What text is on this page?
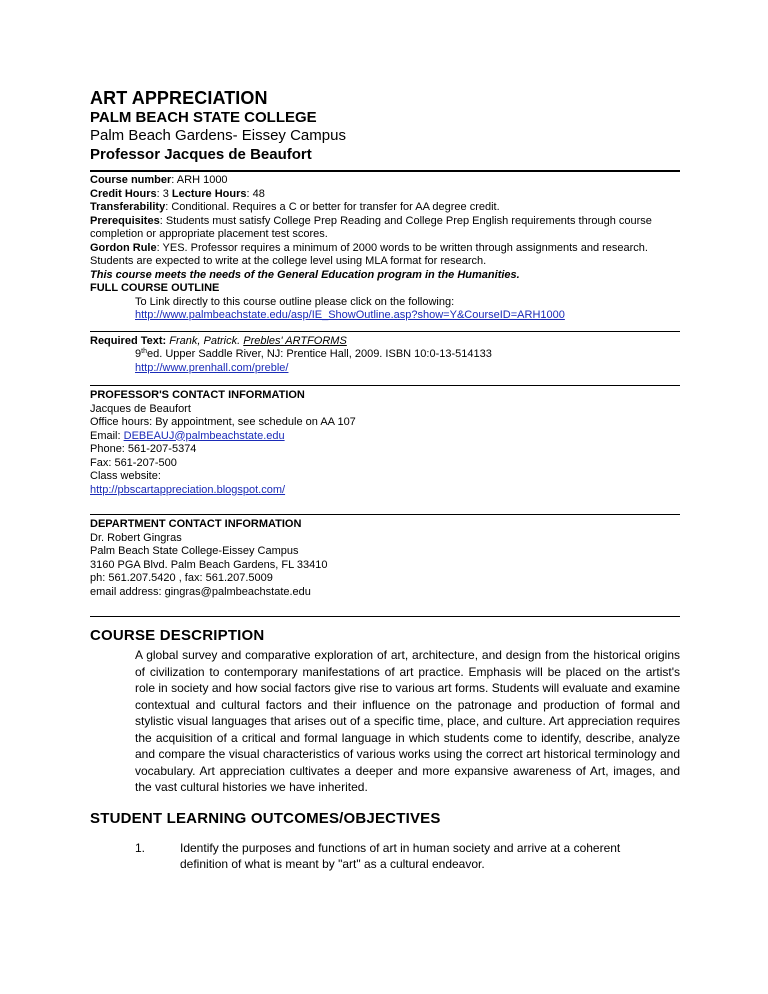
ART APPRECIATION
PALM BEACH STATE COLLEGE
Palm Beach Gardens- Eissey Campus
Professor Jacques de Beaufort
Course number: ARH 1000
Credit Hours: 3 Lecture Hours: 48
Transferability: Conditional. Requires a C or better for transfer for AA degree credit.
Prerequisites: Students must satisfy College Prep Reading and College Prep English requirements through course completion or appropriate placement test scores.
Gordon Rule: YES. Professor requires a minimum of 2000 words to be written through assignments and research. Students are expected to write at the college level using MLA format for research.
This course meets the needs of the General Education program in the Humanities.
FULL COURSE OUTLINE
To Link directly to this course outline please click on the following:
http://www.palmbeachstate.edu/asp/IE_ShowOutline.asp?show=Y&CourseID=ARH1000
Required Text: Frank, Patrick. Prebles' ARTFORMS
9thed. Upper Saddle River, NJ: Prentice Hall, 2009. ISBN 10:0-13-514133
http://www.prenhall.com/preble/
PROFESSOR'S CONTACT INFORMATION
Jacques de Beaufort
Office hours: By appointment, see schedule on AA 107
Email: DEBEAUJ@palmbeachstate.edu
Phone: 561-207-5374
Fax: 561-207-500
Class website:
http://pbscartappreciation.blogspot.com/
DEPARTMENT CONTACT INFORMATION
Dr. Robert Gingras
Palm Beach State College-Eissey Campus
3160 PGA Blvd. Palm Beach Gardens, FL 33410
ph: 561.207.5420 , fax: 561.207.5009
email address: gingras@palmbeachstate.edu
COURSE DESCRIPTION
A global survey and comparative exploration of art, architecture, and design from the historical origins of civilization to contemporary manifestations of art practice. Emphasis will be placed on the artist's role in society and how social factors give rise to various art forms. Students will evaluate and examine contextual and cultural factors and their influence on the patronage and production of formal and stylistic visual languages that arises out of a specific time, place, and culture. Art appreciation requires the acquisition of a critical and formal language in which students come to identify, describe, analyze and compare the visual characteristics of various works using the correct art historical terminology and vocabulary. Art appreciation cultivates a deeper and more expansive awareness of Art, images, and the vast cultural histories we have inherited.
STUDENT LEARNING OUTCOMES/OBJECTIVES
1.	Identify the purposes and functions of art in human society and arrive at a coherent definition of what is meant by "art" as a cultural endeavor.
